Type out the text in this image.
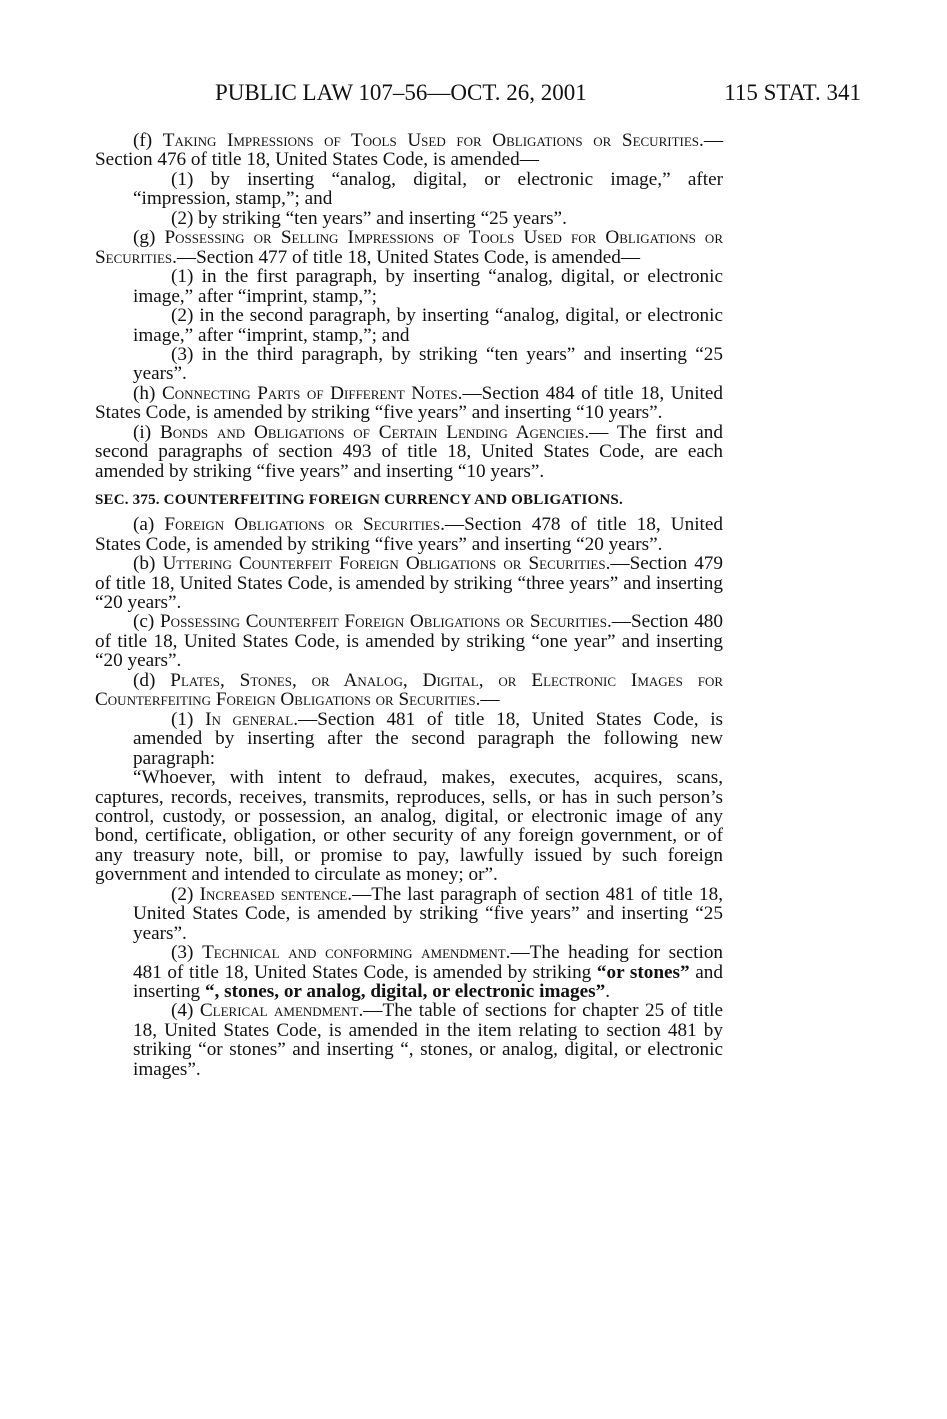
PUBLIC LAW 107–56—OCT. 26, 2001	115 STAT. 341
(f) Taking Impressions of Tools Used for Obligations or Securities.—Section 476 of title 18, United States Code, is amended—
(1) by inserting “analog, digital, or electronic image,” after “impression, stamp,”; and
(2) by striking “ten years” and inserting “25 years”.
(g) Possessing or Selling Impressions of Tools Used for Obligations or Securities.—Section 477 of title 18, United States Code, is amended—
(1) in the first paragraph, by inserting “analog, digital, or electronic image,” after “imprint, stamp,”;
(2) in the second paragraph, by inserting “analog, digital, or electronic image,” after “imprint, stamp,”; and
(3) in the third paragraph, by striking “ten years” and inserting “25 years”.
(h) Connecting Parts of Different Notes.—Section 484 of title 18, United States Code, is amended by striking “five years” and inserting “10 years”.
(i) Bonds and Obligations of Certain Lending Agencies.— The first and second paragraphs of section 493 of title 18, United States Code, are each amended by striking “five years” and inserting “10 years”.
SEC. 375. COUNTERFEITING FOREIGN CURRENCY AND OBLIGATIONS.
(a) Foreign Obligations or Securities.—Section 478 of title 18, United States Code, is amended by striking “five years” and inserting “20 years”.
(b) Uttering Counterfeit Foreign Obligations or Securities.—Section 479 of title 18, United States Code, is amended by striking “three years” and inserting “20 years”.
(c) Possessing Counterfeit Foreign Obligations or Securities.—Section 480 of title 18, United States Code, is amended by striking “one year” and inserting “20 years”.
(d) Plates, Stones, or Analog, Digital, or Electronic Images for Counterfeiting Foreign Obligations or Securities.—
(1) In general.—Section 481 of title 18, United States Code, is amended by inserting after the second paragraph the following new paragraph:
“Whoever, with intent to defraud, makes, executes, acquires, scans, captures, records, receives, transmits, reproduces, sells, or has in such person’s control, custody, or possession, an analog, digital, or electronic image of any bond, certificate, obligation, or other security of any foreign government, or of any treasury note, bill, or promise to pay, lawfully issued by such foreign government and intended to circulate as money; or”.
(2) Increased sentence.—The last paragraph of section 481 of title 18, United States Code, is amended by striking “five years” and inserting “25 years”.
(3) Technical and conforming amendment.—The heading for section 481 of title 18, United States Code, is amended by striking “or stones” and inserting “, stones, or analog, digital, or electronic images”.
(4) Clerical amendment.—The table of sections for chapter 25 of title 18, United States Code, is amended in the item relating to section 481 by striking “or stones” and inserting “, stones, or analog, digital, or electronic images”.
